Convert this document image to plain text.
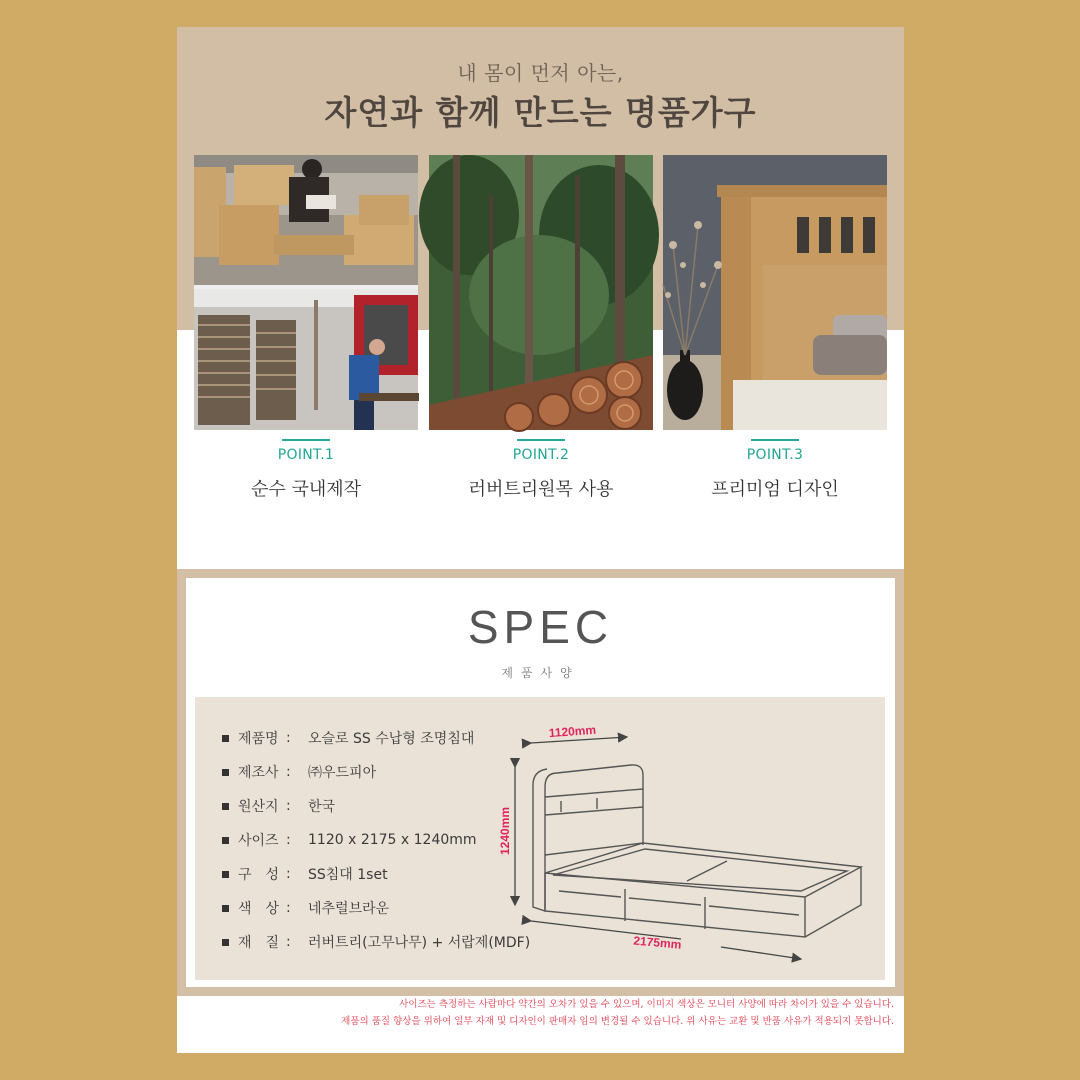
내 몸이 먼저 아는,
자연과 함께 만드는 명품가구
POINT.1
순수 국내제작
POINT.2
러버트리원목 사용
POINT.3
프리미엄 디자인
SPEC
제품사양
제품명 :	오슬로 SS 수납형 조명침대
제조사 :	㈜우드피아
원산지 :	한국
사이즈 :	1120 x 2175 x 1240mm
구　성 :	SS침대 1set
색　상 :	네추럴브라운
재　질 :	러버트리(고무나무) + 서랍제(MDF)
1120mm
1240mm
2175mm
사이즈는 측정하는 사람마다 약간의 오차가 있을 수 있으며, 이미지 색상은 모니터 사양에 따라 차이가 있을 수 있습니다.
제품의 품질 향상을 위하여 일부 자재 및 디자인이 판매자 임의 변경될 수 있습니다. 위 사유는 교환 및 반품 사유가 적용되지 못합니다.
